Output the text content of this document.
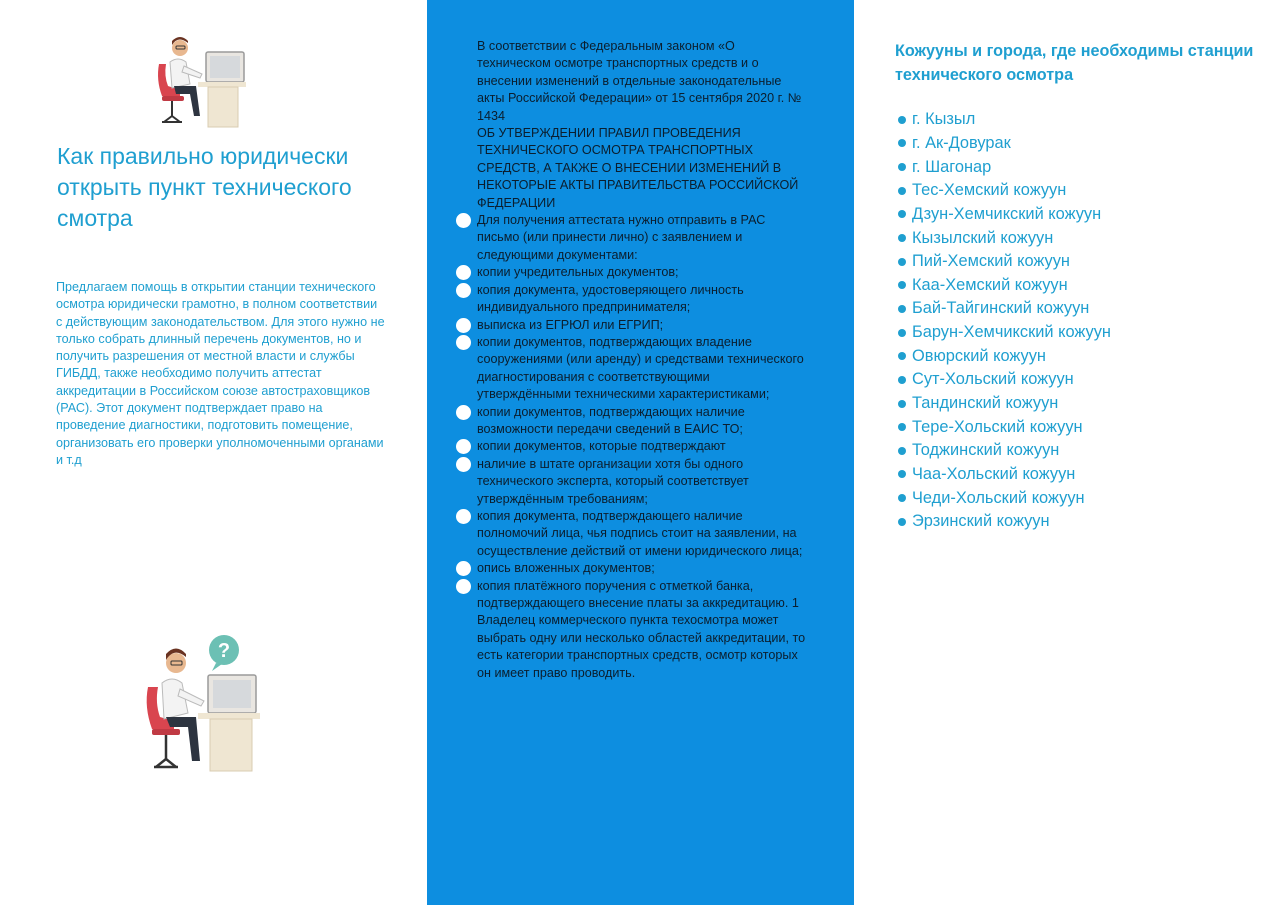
Как правильно юридически открыть пункт технического смотра

Предлагаем помощь в открытии станции технического осмотра юридически грамотно, в полном соответствии с действующим законодательством. Для этого нужно не только собрать длинный перечень документов, но и получить разрешения от местной власти и службы ГИБДД, также необходимо получить аттестат аккредитации в Российском союзе автостраховщиков (РАС). Этот документ подтверждает право на проведение диагностики, подготовить помещение, организовать его проверки уполномоченными органами и т.д

?

В соответствии с Федеральным законом «О техническом осмотре транспортных средств и о внесении изменений в отдельные законодательные акты Российской Федерации» от 15 сентября 2020 г. № 1434

ОБ УТВЕРЖДЕНИИ ПРАВИЛ ПРОВЕДЕНИЯ ТЕХНИЧЕСКОГО ОСМОТРА ТРАНСПОРТНЫХ СРЕДСТВ, А ТАКЖЕ О ВНЕСЕНИИ ИЗМЕНЕНИЙ В НЕКОТОРЫЕ АКТЫ ПРАВИТЕЛЬСТВА РОССИЙСКОЙ ФЕДЕРАЦИИ

Для получения аттестата нужно отправить в РАС письмо (или принести лично) с заявлением и следующими документами:
копии учредительных документов;
копия документа, удостоверяющего личность индивидуального предпринимателя;
выписка из ЕГРЮЛ или ЕГРИП;
копии документов, подтверждающих владение сооружениями (или аренду) и средствами технического диагностирования с соответствующими утверждёнными техническими характеристиками;
копии документов, подтверждающих наличие возможности передачи сведений в ЕАИС ТО;
копии документов, которые подтверждают
наличие в штате организации хотя бы одного технического эксперта, который соответствует утверждённым требованиям;
копия документа, подтверждающего наличие полномочий лица, чья подпись стоит на заявлении, на осуществление действий от имени юридического лица;
опись вложенных документов;
копия платёжного поручения с отметкой банка, подтверждающего внесение платы за аккредитацию. 1

Владелец коммерческого пункта техосмотра может выбрать одну или несколько областей аккредитации, то есть категории транспортных средств, осмотр которых он имеет право проводить.

Кожууны и города, где необходимы станции технического осмотра
г. Кызыл
г. Ак-Довурак
г. Шагонар
Тес-Хемский кожуун
Дзун-Хемчикский кожуун
Кызылский кожуун
Пий-Хемский кожуун
Каа-Хемский кожуун
Бай-Тайгинский кожуун
Барун-Хемчикский кожуун
Овюрский кожуун
Сут-Хольский кожуун
Тандинский кожуун
Тере-Хольский кожуун
Тоджинский кожуун
Чаа-Хольский кожуун
Чеди-Хольский кожуун
Эрзинский кожуун
